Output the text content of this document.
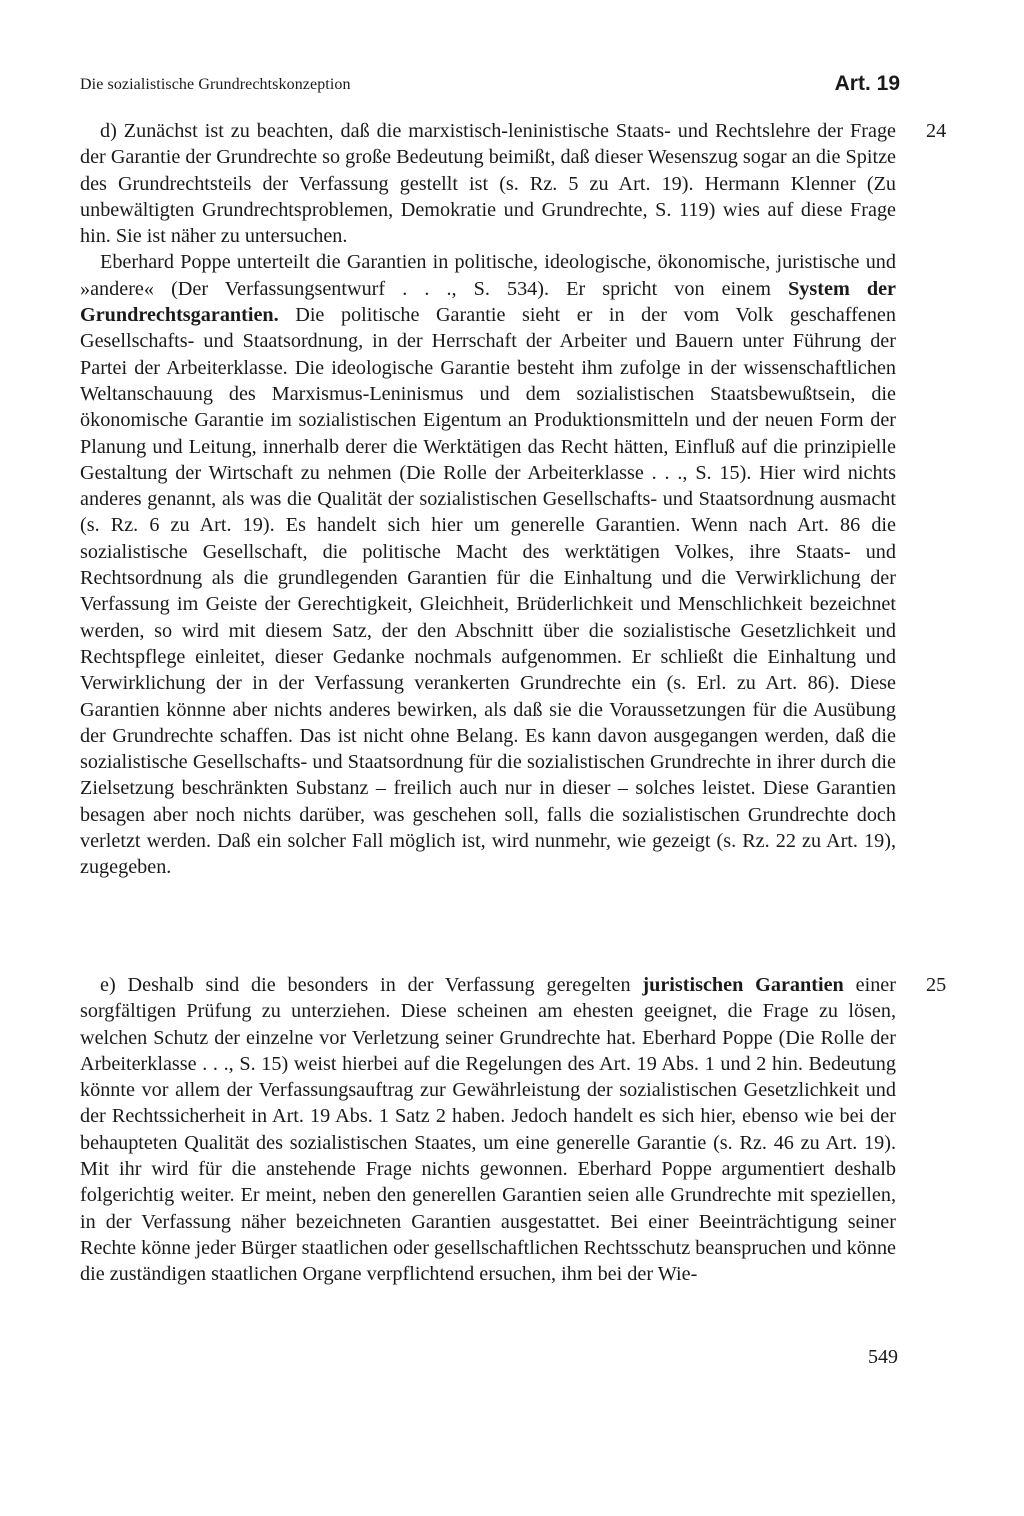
Die sozialistische Grundrechtskonzeption	Art. 19
24

d) Zunächst ist zu beachten, daß die marxistisch-leninistische Staats- und Rechtslehre der Frage der Garantie der Grundrechte so große Bedeutung beimißt, daß dieser Wesenszug sogar an die Spitze des Grundrechtsteils der Verfassung gestellt ist (s. Rz. 5 zu Art. 19). Hermann Klenner (Zu unbewältigten Grundrechtsproblemen, Demokratie und Grundrechte, S. 119) wies auf diese Frage hin. Sie ist näher zu untersuchen.

Eberhard Poppe unterteilt die Garantien in politische, ideologische, ökonomische, juristische und »andere« (Der Verfassungsentwurf . . ., S. 534). Er spricht von einem System der Grundrechtsgarantien. Die politische Garantie sieht er in der vom Volk geschaffenen Gesellschafts- und Staatsordnung, in der Herrschaft der Arbeiter und Bauern unter Führung der Partei der Arbeiterklasse. Die ideologische Garantie besteht ihm zufolge in der wissenschaftlichen Weltanschauung des Marxismus-Leninismus und dem sozialistischen Staatsbewußtsein, die ökonomische Garantie im sozialistischen Eigentum an Produktionsmitteln und der neuen Form der Planung und Leitung, innerhalb derer die Werktätigen das Recht hätten, Einfluß auf die prinzipielle Gestaltung der Wirtschaft zu nehmen (Die Rolle der Arbeiterklasse . . ., S. 15). Hier wird nichts anderes genannt, als was die Qualität der sozialistischen Gesellschafts- und Staatsordnung ausmacht (s. Rz. 6 zu Art. 19). Es handelt sich hier um generelle Garantien. Wenn nach Art. 86 die sozialistische Gesellschaft, die politische Macht des werktätigen Volkes, ihre Staats- und Rechtsordnung als die grundlegenden Garantien für die Einhaltung und die Verwirklichung der Verfassung im Geiste der Gerechtigkeit, Gleichheit, Brüderlichkeit und Menschlichkeit bezeichnet werden, so wird mit diesem Satz, der den Abschnitt über die sozialistische Gesetzlichkeit und Rechtspflege einleitet, dieser Gedanke nochmals aufgenommen. Er schließt die Einhaltung und Verwirklichung der in der Verfassung verankerten Grundrechte ein (s. Erl. zu Art. 86). Diese Garantien könnne aber nichts anderes bewirken, als daß sie die Voraussetzungen für die Ausübung der Grundrechte schaffen. Das ist nicht ohne Belang. Es kann davon ausgegangen werden, daß die sozialistische Gesellschafts- und Staatsordnung für die sozialistischen Grundrechte in ihrer durch die Zielsetzung beschränkten Substanz – freilich auch nur in dieser – solches leistet. Diese Garantien besagen aber noch nichts darüber, was geschehen soll, falls die sozialistischen Grundrechte doch verletzt werden. Daß ein solcher Fall möglich ist, wird nunmehr, wie gezeigt (s. Rz. 22 zu Art. 19), zugegeben.

25

e) Deshalb sind die besonders in der Verfassung geregelten juristischen Garantien einer sorgfältigen Prüfung zu unterziehen. Diese scheinen am ehesten geeignet, die Frage zu lösen, welchen Schutz der einzelne vor Verletzung seiner Grundrechte hat. Eberhard Poppe (Die Rolle der Arbeiterklasse . . ., S. 15) weist hierbei auf die Regelungen des Art. 19 Abs. 1 und 2 hin. Bedeutung könnte vor allem der Verfassungsauftrag zur Gewährleistung der sozialistischen Gesetzlichkeit und der Rechtssicherheit in Art. 19 Abs. 1 Satz 2 haben. Jedoch handelt es sich hier, ebenso wie bei der behaupteten Qualität des sozialistischen Staates, um eine generelle Garantie (s. Rz. 46 zu Art. 19). Mit ihr wird für die anstehende Frage nichts gewonnen. Eberhard Poppe argumentiert deshalb folgerichtig weiter. Er meint, neben den generellen Garantien seien alle Grundrechte mit speziellen, in der Verfassung näher bezeichneten Garantien ausgestattet. Bei einer Beeinträchtigung seiner Rechte könne jeder Bürger staatlichen oder gesellschaftlichen Rechtsschutz beanspruchen und könne die zuständigen staatlichen Organe verpflichtend ersuchen, ihm bei der Wie-

549
